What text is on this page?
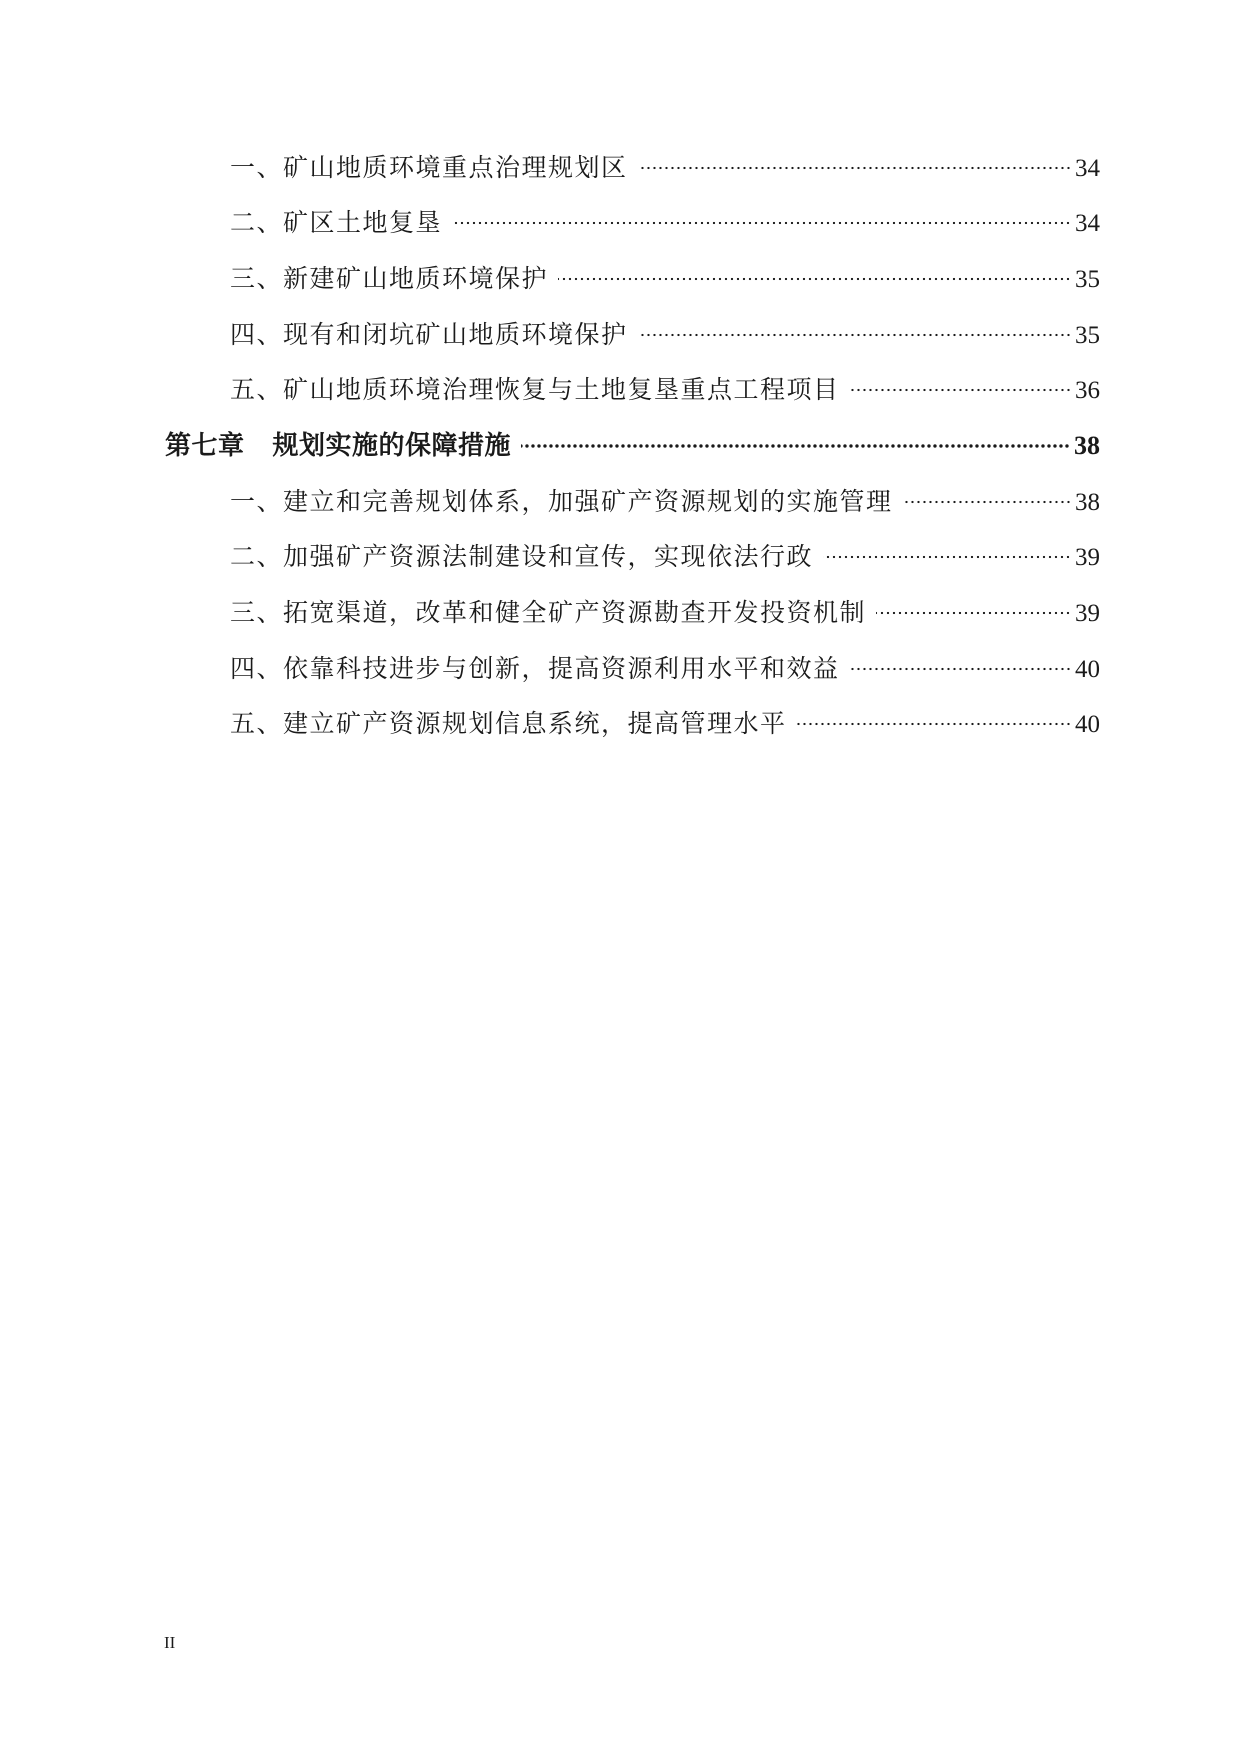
一、矿山地质环境重点治理规划区	34
二、矿区土地复垦	34
三、新建矿山地质环境保护	35
四、现有和闭坑矿山地质环境保护	35
五、矿山地质环境治理恢复与土地复垦重点工程项目	36
第七章 规划实施的保障措施	38
一、建立和完善规划体系，加强矿产资源规划的实施管理	38
二、加强矿产资源法制建设和宣传，实现依法行政	39
三、拓宽渠道，改革和健全矿产资源勘查开发投资机制	39
四、依靠科技进步与创新，提高资源利用水平和效益	40
五、建立矿产资源规划信息系统，提高管理水平	40
II
